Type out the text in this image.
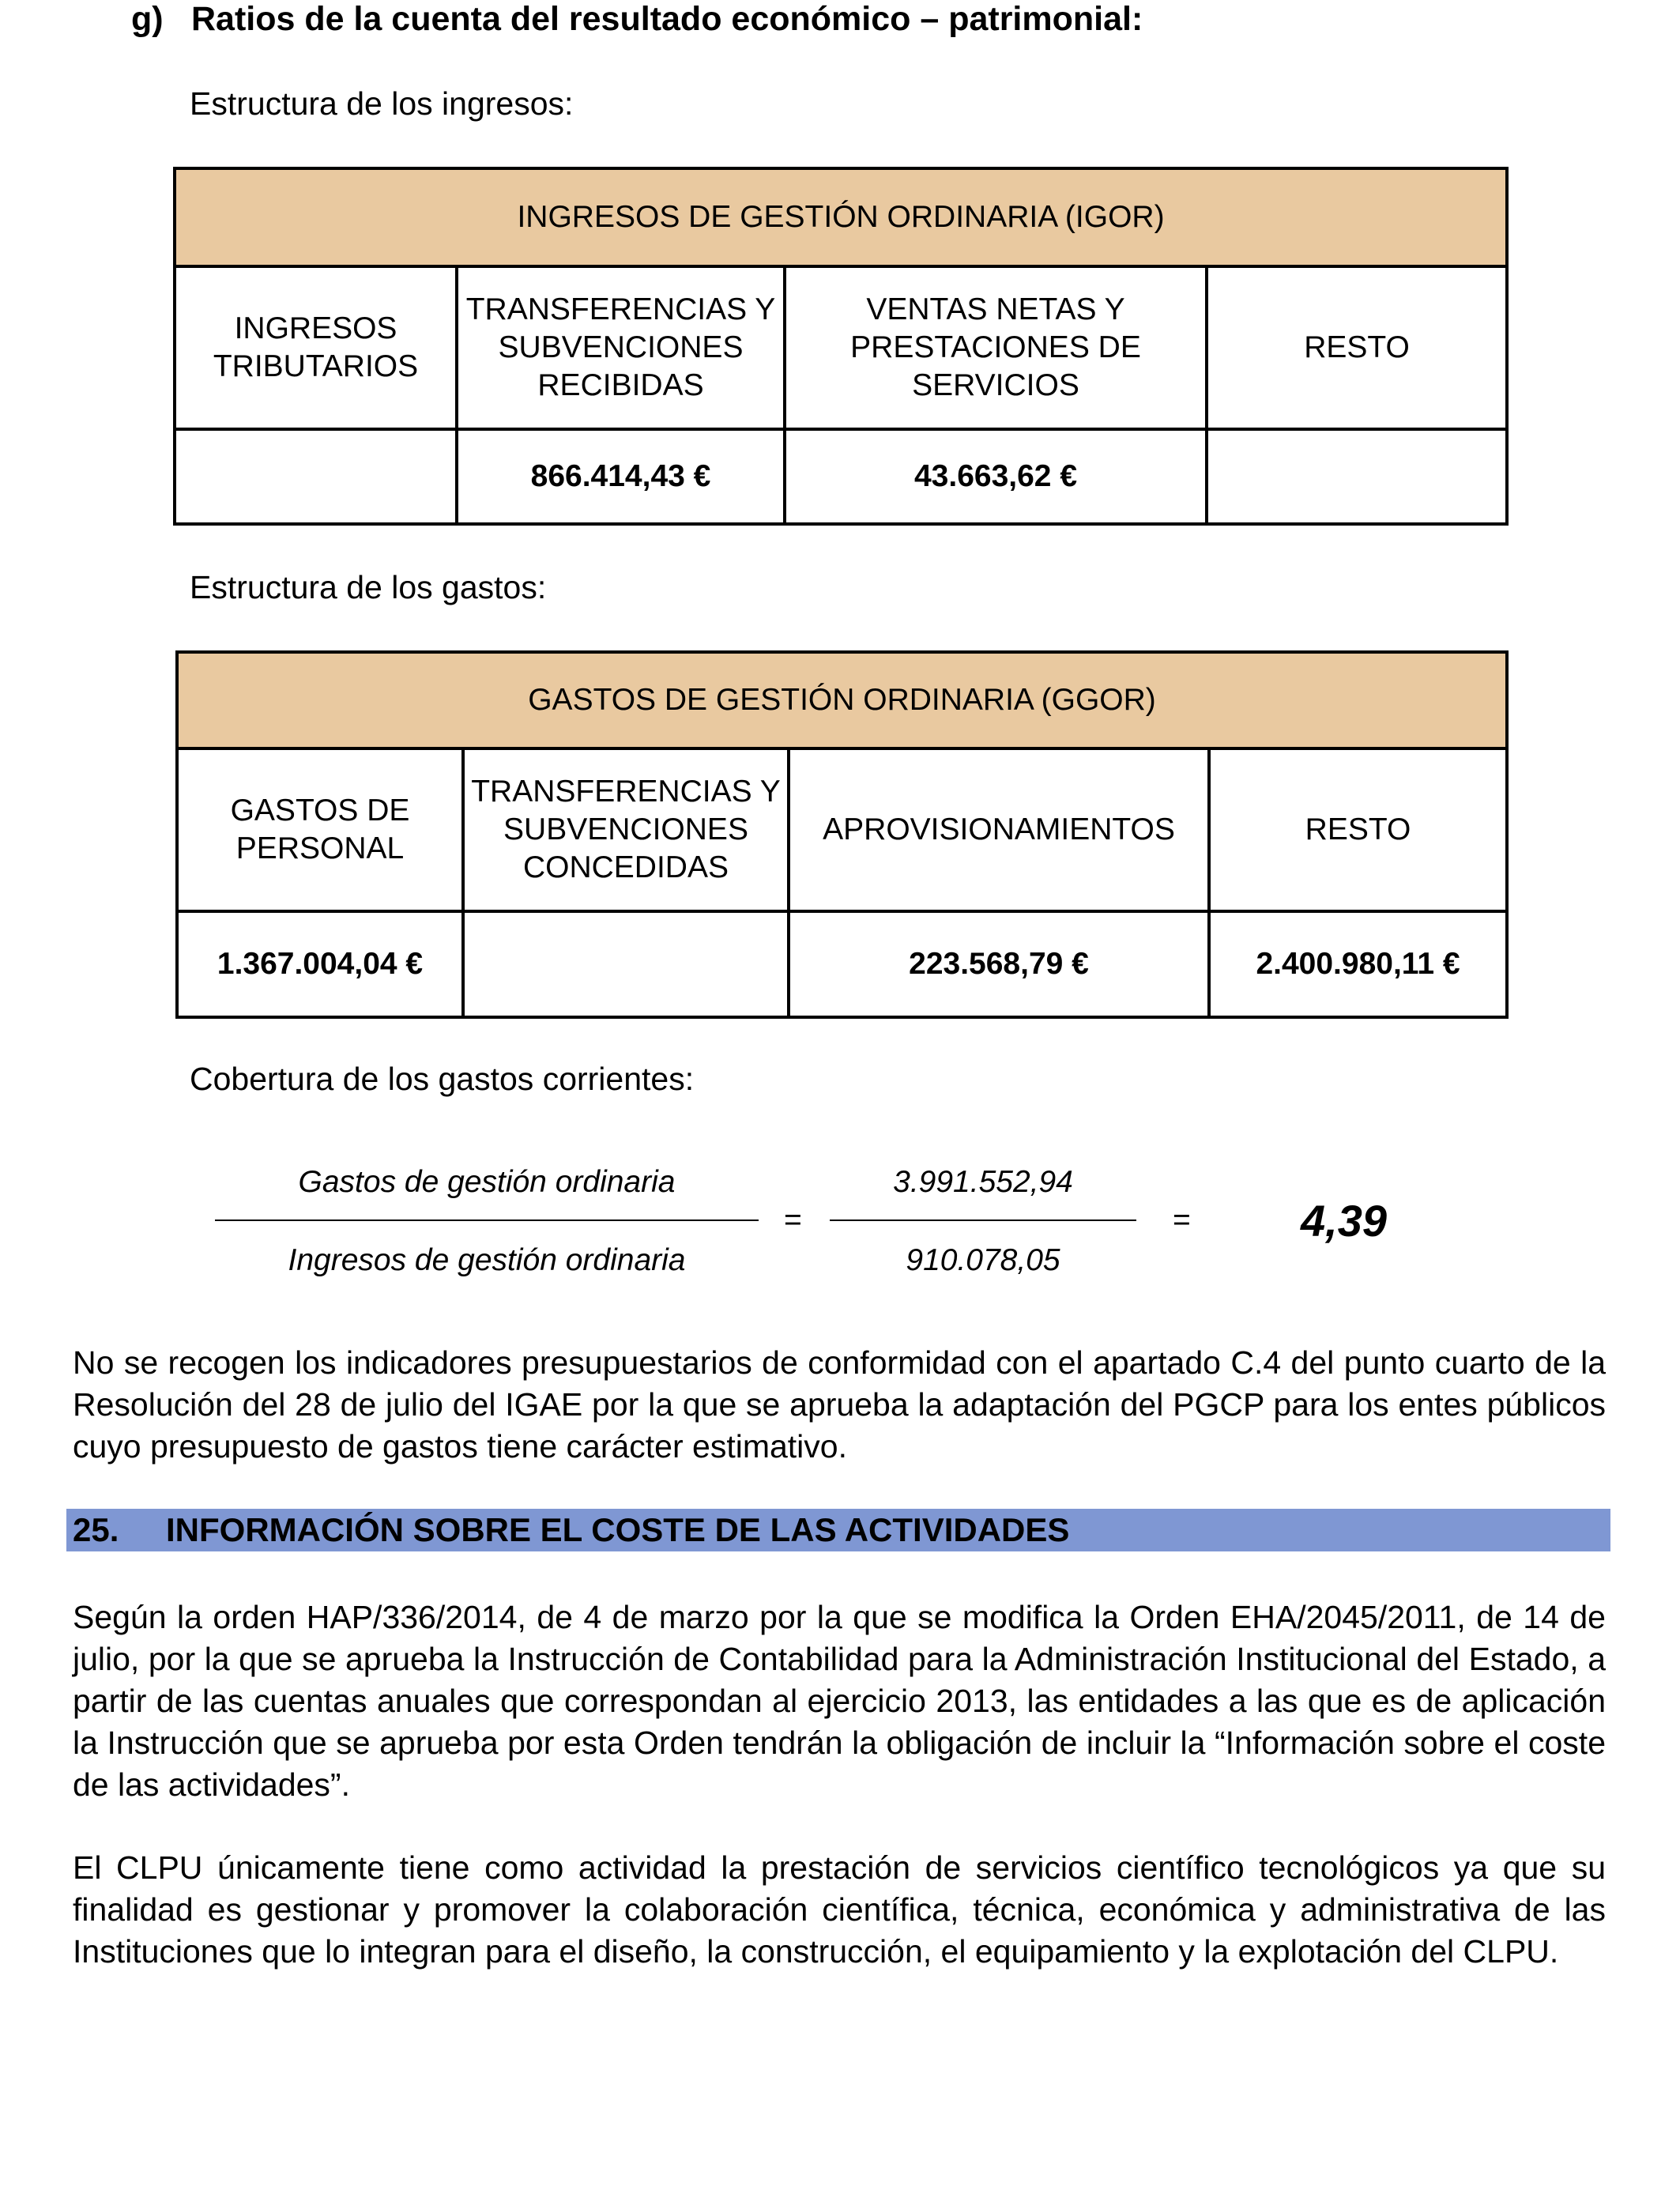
g) Ratios de la cuenta del resultado económico – patrimonial:
Estructura de los ingresos:
INGRESOS DE GESTIÓN ORDINARIA (IGOR)			
INGRESOS TRIBUTARIOS	TRANSFERENCIAS Y SUBVENCIONES RECIBIDAS	VENTAS NETAS Y PRESTACIONES DE SERVICIOS	RESTO
	866.414,43 €	43.663,62 €	
Estructura de los gastos:
GASTOS DE GESTIÓN ORDINARIA (GGOR)			
GASTOS DE PERSONAL	TRANSFERENCIAS Y SUBVENCIONES CONCEDIDAS	APROVISIONAMIENTOS	RESTO
1.367.004,04 €		223.568,79 €	2.400.980,11 €
Cobertura de los gastos corrientes:
Gastos de gestión ordinaria
Ingresos de gestión ordinaria
=
3.991.552,94
910.078,05
= 4,39
No se recogen los indicadores presupuestarios de conformidad con el apartado C.4 del punto cuarto de la Resolución del 28 de julio del IGAE por la que se aprueba la adaptación del PGCP para los entes públicos cuyo presupuesto de gastos tiene carácter estimativo.
25. INFORMACIÓN SOBRE EL COSTE DE LAS ACTIVIDADES
Según la orden HAP/336/2014, de 4 de marzo por la que se modifica la Orden EHA/2045/2011, de 14 de julio, por la que se aprueba la Instrucción de Contabilidad para la Administración Institucional del Estado, a partir de las cuentas anuales que correspondan al ejercicio 2013, las entidades a las que es de aplicación la Instrucción que se aprueba por esta Orden tendrán la obligación de incluir la “Información sobre el coste de las actividades”.
El CLPU únicamente tiene como actividad la prestación de servicios científico tecnológicos ya que su finalidad es gestionar y promover la colaboración científica, técnica, económica y administrativa de las Instituciones que lo integran para el diseño, la construcción, el equipamiento y la explotación del CLPU.
